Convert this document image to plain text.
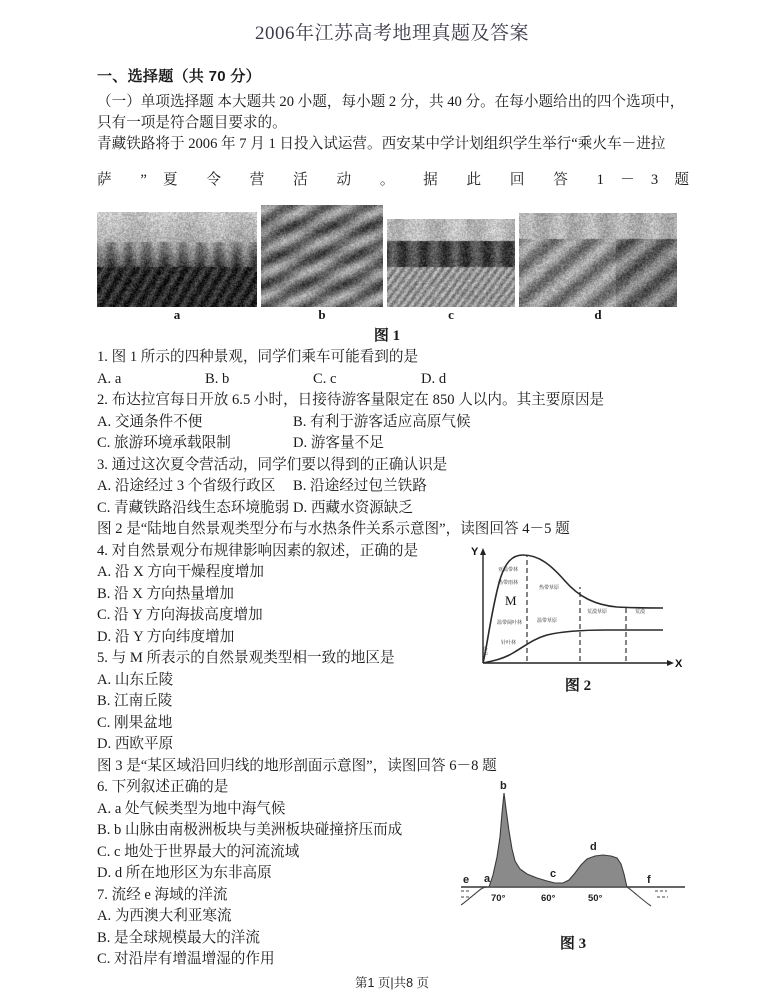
2006年江苏高考地理真题及答案
一、选择题（共 70 分）

（一）单项选择题 本大题共 20 小题，每小题 2 分，共 40 分。在每小题给出的四个选项中，

只有一项是符合题目要求的。

青藏铁路将于 2006 年 7 月 1 日投入试运营。西安某中学计划组织学生举行“乘火车－进拉

萨 ” 夏 令 营 活 动 。 据 此 回 答 1 － 3 题

a	b	c	d
图 1

1. 图 1 所示的四种景观，同学们乘车可能看到的是

A. a	B. b	C. c	D. d

2. 布达拉宫每日开放 6.5 小时，日接待游客量限定在 850 人以内。其主要原因是

A. 交通条件不便	B. 有利于游客适应高原气候
C. 旅游环境承载限制	D. 游客量不足

3. 通过这次夏令营活动，同学们要以得到的正确认识是

A. 沿途经过 3 个省级行政区	B. 沿途经过包兰铁路
C. 青藏铁路沿线生态环境脆弱 D. 西藏水资源缺乏

图 2 是“陆地自然景观类型分布与水热条件关系示意图”，读图回答 4－5 题

亚温带林
热带雨林
M
温带阔叶林
针叶林
苔原
热带草原
温带草原
荒漠草原	荒漠
Y
X
图 2

4. 对自然景观分布规律影响因素的叙述，正确的是

A. 沿 X 方向干燥程度增加

B. 沿 X 方向热量增加

C. 沿 Y 方向海拔高度增加

D. 沿 Y 方向纬度增加

5. 与 M 所表示的自然景观类型相一致的地区是

A. 山东丘陵

B. 江南丘陵

C. 刚果盆地

D. 西欧平原

图 3 是“某区域沿回归线的地形剖面示意图”，读图回答 6－8 题

b
a	c
d
e	f
70°	60°	50°
图 3

6. 下列叙述正确的是

A. a 处气候类型为地中海气候

B. b 山脉由南极洲板块与美洲板块碰撞挤压而成

C. c 地处于世界最大的河流流域

D. d 所在地形区为东非高原

7. 流经 e 海域的洋流

A. 为西澳大利亚寒流

B. 是全球规模最大的洋流

C. 对沿岸有增温增湿的作用

第1 页|共8 页
